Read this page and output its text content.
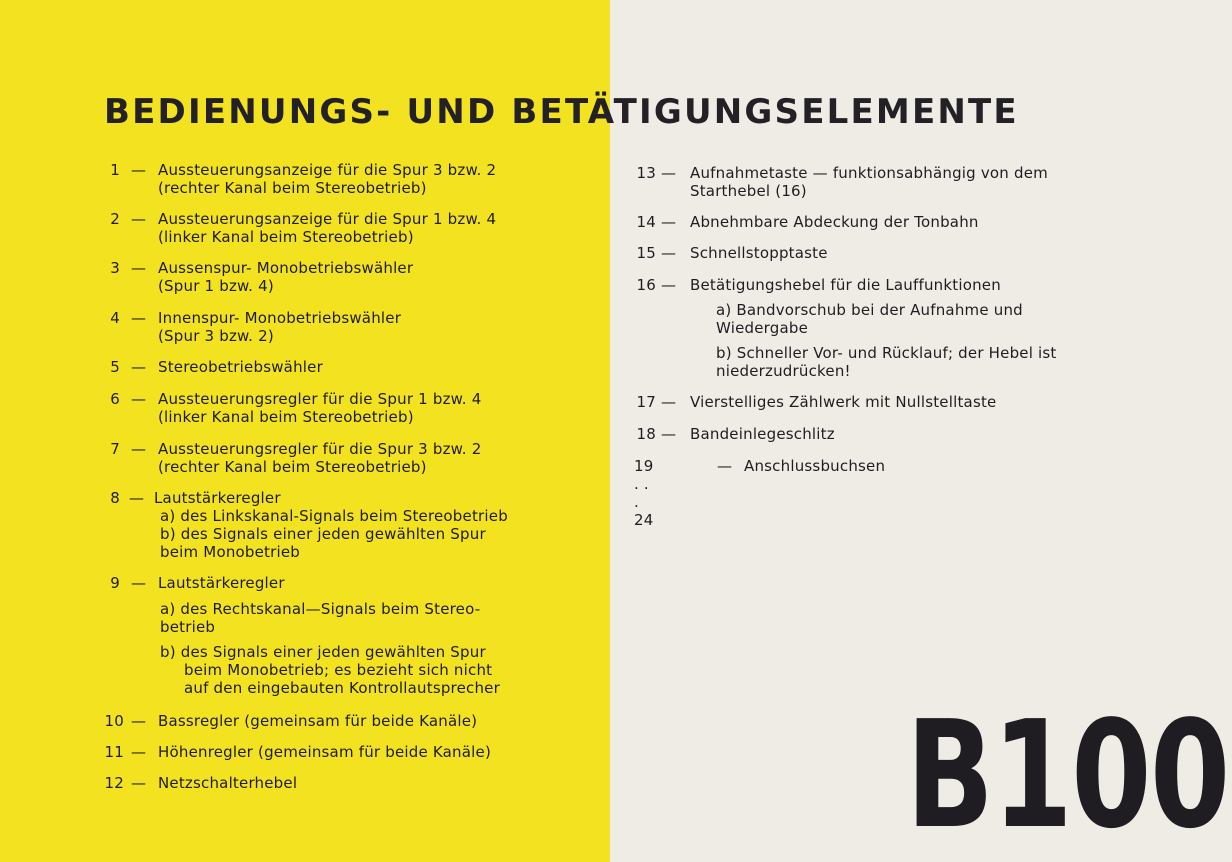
BEDIENUNGS- UND BETÄTIGUNGSELEMENTE
1 — Aussteuerungsanzeige für die Spur 3 bzw. 2
(rechter Kanal beim Stereobetrieb)
2 — Aussteuerungsanzeige für die Spur 1 bzw. 4
(linker Kanal beim Stereobetrieb)
3 — Aussenspur- Monobetriebswähler
(Spur 1 bzw. 4)
4 — Innenspur- Monobetriebswähler
(Spur 3 bzw. 2)
5 — Stereobetriebswähler
6 — Aussteuerungsregler für die Spur 1 bzw. 4
(linker Kanal beim Stereobetrieb)
7 — Aussteuerungsregler für die Spur 3 bzw. 2
(rechter Kanal beim Stereobetrieb)
8 — Lautstärkeregler
a) des Linkskanal-Signals beim Stereobetrieb
b) des Signals einer jeden gewählten Spur
beim Monobetrieb
9 — Lautstärkeregler
a) des Rechtskanal—Signals beim Stereo-
betrieb
b) des Signals einer jeden gewählten Spur
beim Monobetrieb; es bezieht sich nicht
auf den eingebauten Kontrollautsprecher
10 — Bassregler (gemeinsam für beide Kanäle)
11 — Höhenregler (gemeinsam für beide Kanäle)
12 — Netzschalterhebel
13 — Aufnahmetaste — funktionsabhängig von dem
Starthebel (16)
14 — Abnehmbare Abdeckung der Tonbahn
15 — Schnellstopptaste
16 — Betätigungshebel für die Lauffunktionen
a) Bandvorschub bei der Aufnahme und
Wiedergabe
b) Schneller Vor- und Rücklauf; der Hebel ist
niederzudrücken!
17 — Vierstelliges Zählwerk mit Nullstelltaste
18 — Bandeinlegeschlitz
19 . . . 24
— Anschlussbuchsen
B100
